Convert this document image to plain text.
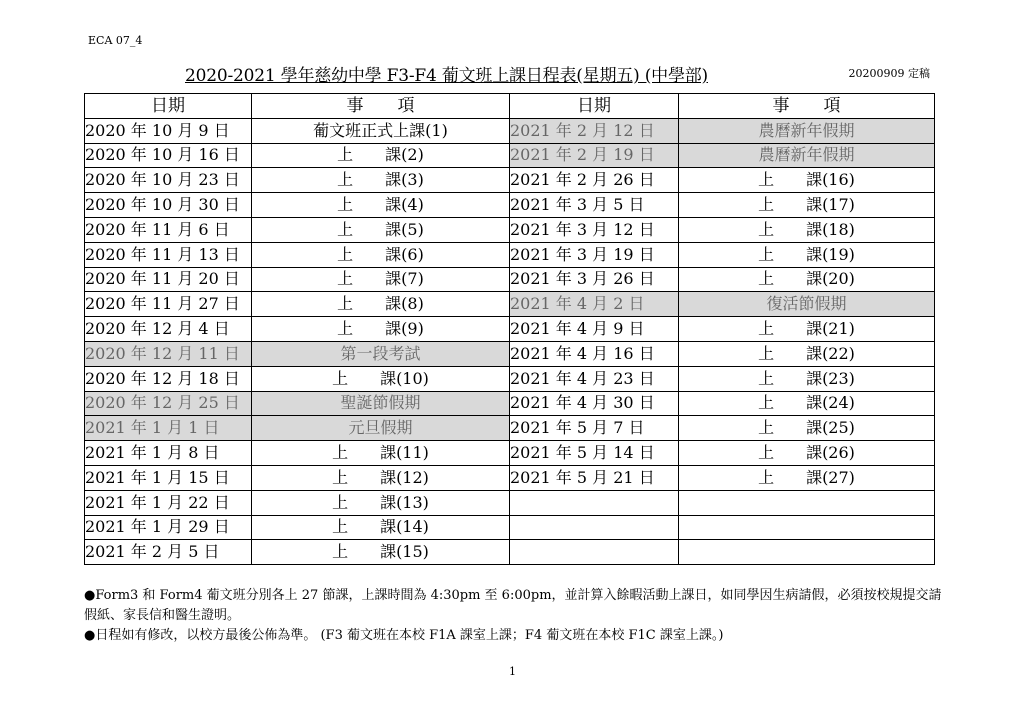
ECA 07_4
2020-2021 學年慈幼中學 F3-F4 葡文班上課日程表(星期五) (中學部)	20200909 定稿
日期	事　　項	日期	事　　項
2020 年 10 月 9 日	葡文班正式上課(1)	2021 年 2 月 12 日	農曆新年假期
2020 年 10 月 16 日	上　　課(2)	2021 年 2 月 19 日	農曆新年假期
2020 年 10 月 23 日	上　　課(3)	2021 年 2 月 26 日	上　　課(16)
2020 年 10 月 30 日	上　　課(4)	2021 年 3 月 5 日	上　　課(17)
2020 年 11 月 6 日	上　　課(5)	2021 年 3 月 12 日	上　　課(18)
2020 年 11 月 13 日	上　　課(6)	2021 年 3 月 19 日	上　　課(19)
2020 年 11 月 20 日	上　　課(7)	2021 年 3 月 26 日	上　　課(20)
2020 年 11 月 27 日	上　　課(8)	2021 年 4 月 2 日	復活節假期
2020 年 12 月 4 日	上　　課(9)	2021 年 4 月 9 日	上　　課(21)
2020 年 12 月 11 日	第一段考試	2021 年 4 月 16 日	上　　課(22)
2020 年 12 月 18 日	上　　課(10)	2021 年 4 月 23 日	上　　課(23)
2020 年 12 月 25 日	聖誕節假期	2021 年 4 月 30 日	上　　課(24)
2021 年 1 月 1 日	元旦假期	2021 年 5 月 7 日	上　　課(25)
2021 年 1 月 8 日	上　　課(11)	2021 年 5 月 14 日	上　　課(26)
2021 年 1 月 15 日	上　　課(12)	2021 年 5 月 21 日	上　　課(27)
2021 年 1 月 22 日	上　　課(13)		
2021 年 1 月 29 日	上　　課(14)		
2021 年 2 月 5 日	上　　課(15)		

●Form3 和 Form4 葡文班分別各上 27 節課，上課時間為 4:30pm 至 6:00pm，並計算入餘暇活動上課日，如同學因生病請假，必須按校規提交請假紙、家長信和醫生證明。

●日程如有修改，以校方最後公佈為準。 (F3 葡文班在本校 F1A 課室上課；F4 葡文班在本校 F1C 課室上課。)

1
